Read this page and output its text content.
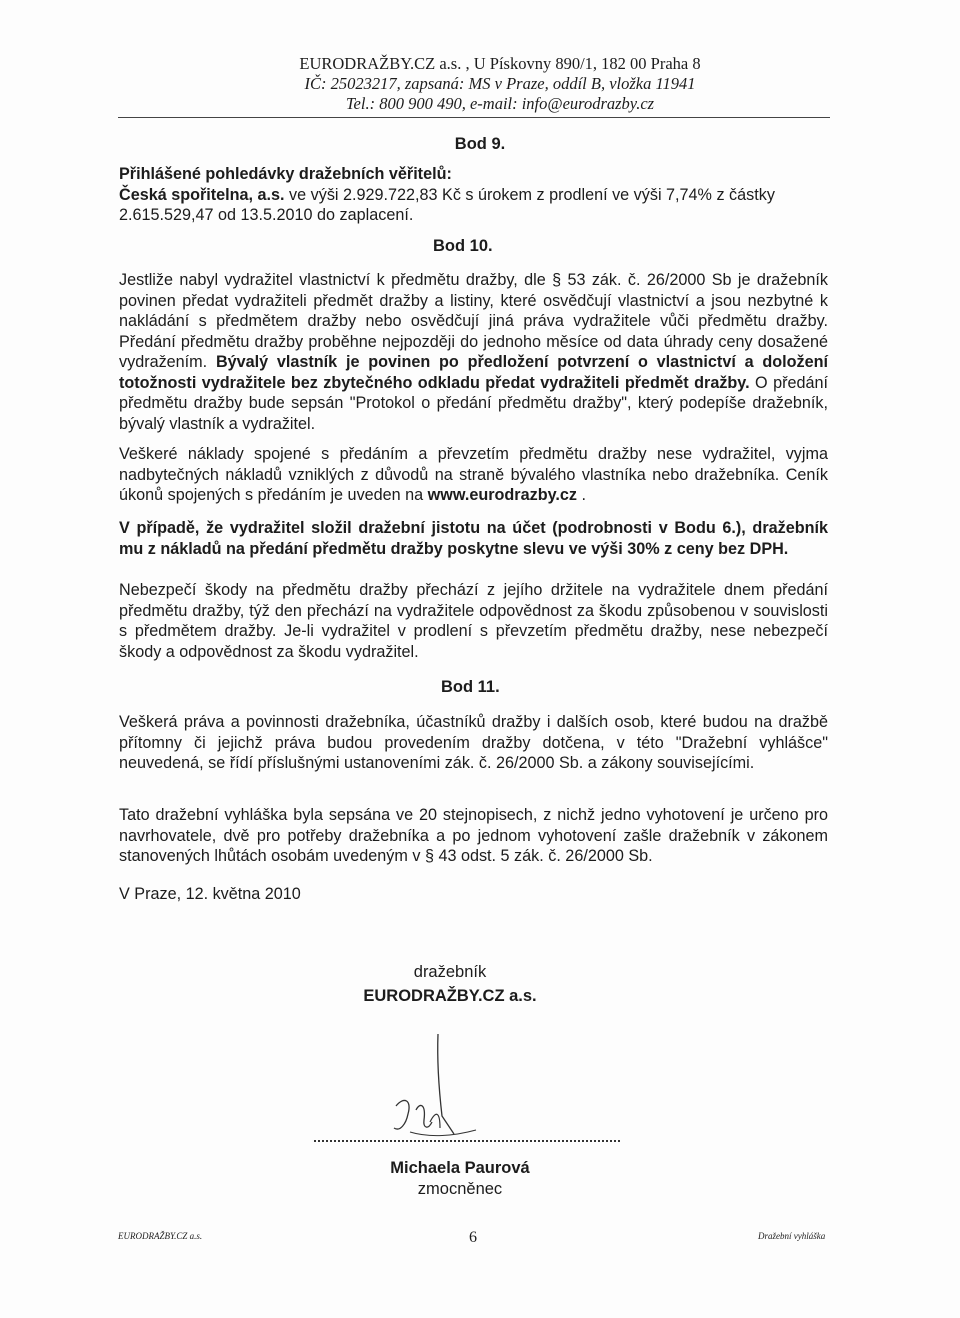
EURODRAŽBY.CZ a.s. , U Pískovny 890/1, 182 00 Praha 8
IČ: 25023217, zapsaná: MS v Praze, oddíl B, vložka 11941
Tel.: 800 900 490, e-mail: info@eurodrazby.cz
Bod 9.
Přihlášené pohledávky dražebních věřitelů:
Česká spořitelna, a.s. ve výši 2.929.722,83 Kč s úrokem z prodlení ve výši 7,74% z částky
2.615.529,47 od 13.5.2010 do zaplacení.
Bod 10.
Jestliže nabyl vydražitel vlastnictví k předmětu dražby, dle § 53 zák. č. 26/2000 Sb je dražebník povinen předat vydražiteli předmět dražby a listiny, které osvědčují vlastnictví a jsou nezbytné k nakládání s předmětem dražby nebo osvědčují jiná práva vydražitele vůči předmětu dražby. Předání předmětu dražby proběhne nejpozději do jednoho měsíce od data úhrady ceny dosažené vydražením. Bývalý vlastník je povinen po předložení potvrzení o vlastnictví a doložení totožnosti vydražitele bez zbytečného odkladu předat vydražiteli předmět dražby. O předání předmětu dražby bude sepsán "Protokol o předání předmětu dražby", který podepíše dražebník, bývalý vlastník a vydražitel.
Veškeré náklady spojené s předáním a převzetím předmětu dražby nese vydražitel, vyjma nadbytečných nákladů vzniklých z důvodů na straně bývalého vlastníka nebo dražebníka. Ceník úkonů spojených s předáním je uveden na www.eurodrazby.cz .
V případě, že vydražitel složil dražební jistotu na účet (podrobnosti v Bodu 6.), dražebník mu z nákladů na předání předmětu dražby poskytne slevu ve výši 30% z ceny bez DPH.
Nebezpečí škody na předmětu dražby přechází z jejího držitele na vydražitele dnem předání předmětu dražby, týž den přechází na vydražitele odpovědnost za škodu způsobenou v souvislosti s předmětem dražby. Je-li vydražitel v prodlení s převzetím předmětu dražby, nese nebezpečí škody a odpovědnost za škodu vydražitel.
Bod 11.
Veškerá práva a povinnosti dražebníka, účastníků dražby i dalších osob, které budou na dražbě přítomny či jejichž práva budou provedením dražby dotčena, v této "Dražební vyhlášce" neuvedená, se řídí příslušnými ustanoveními zák. č. 26/2000 Sb. a zákony souvisejícími.
Tato dražební vyhláška byla sepsána ve 20 stejnopisech, z nichž jedno vyhotovení je určeno pro navrhovatele, dvě pro potřeby dražebníka a po jednom vyhotovení zašle dražebník v zákonem stanovených lhůtách osobám uvedeným v § 43 odst. 5 zák. č. 26/2000 Sb.
V Praze, 12. května 2010
dražebník
EURODRAŽBY.CZ a.s.
Michaela Paurová
zmocněnec
EURODRAŽBY.CZ a.s.	6	Dražební vyhláška
